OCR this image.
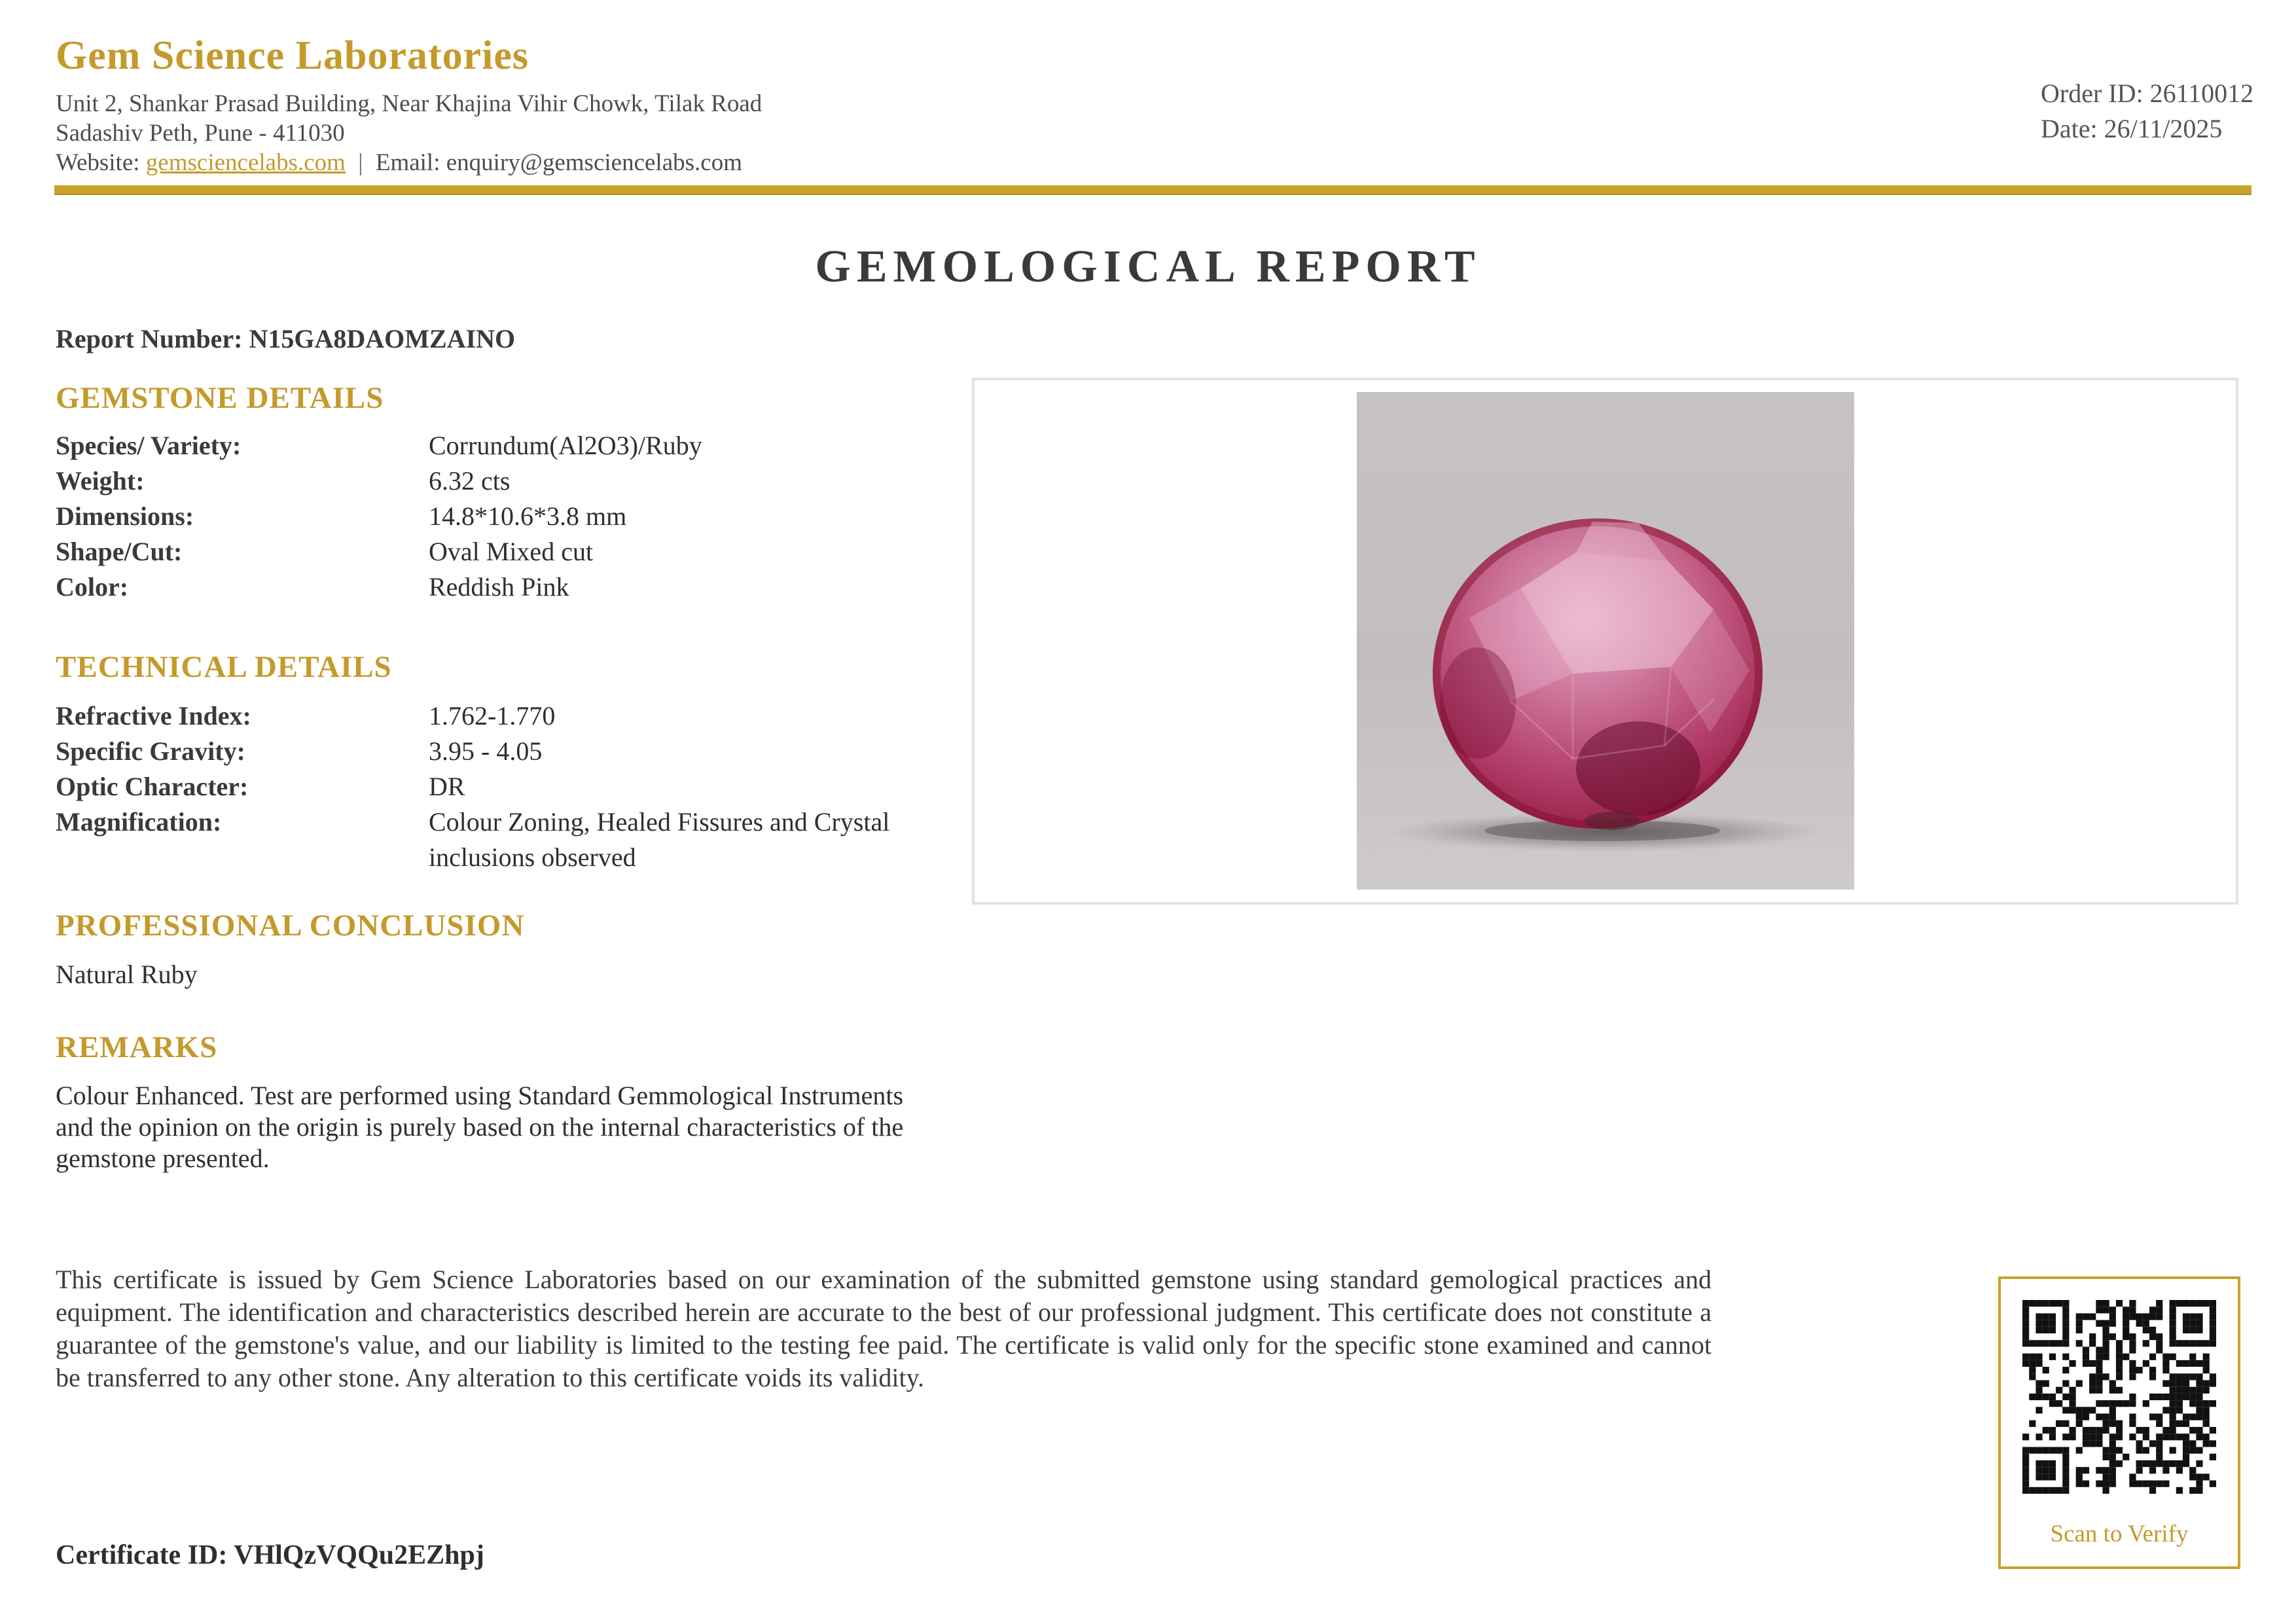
Gem Science Laboratories
Unit 2, Shankar Prasad Building, Near Khajina Vihir Chowk, Tilak Road
Sadashiv Peth, Pune - 411030
Website: gemsciencelabs.com | Email: enquiry@gemsciencelabs.com
Order ID: 26110012
Date: 26/11/2025
GEMOLOGICAL REPORT
Report Number: N15GA8DAOMZAINO
GEMSTONE DETAILS
Species/ Variety:	Corrundum(Al2O3)/Ruby
Weight:	6.32 cts
Dimensions:	14.8*10.6*3.8 mm
Shape/Cut:	Oval Mixed cut
Color:	Reddish Pink
TECHNICAL DETAILS
Refractive Index:	1.762-1.770
Specific Gravity:	3.95 - 4.05
Optic Character:	DR
Magnification:	Colour Zoning, Healed Fissures and Crystal inclusions observed
PROFESSIONAL CONCLUSION
Natural Ruby
REMARKS

Colour Enhanced. Test are performed using Standard Gemmological Instruments and the opinion on the origin is purely based on the internal characteristics of the gemstone presented.

This certificate is issued by Gem Science Laboratories based on our examination of the submitted gemstone using standard gemological practices and equipment. The identification and characteristics described herein are accurate to the best of our professional judgment. This certificate does not constitute a guarantee of the gemstone's value, and our liability is limited to the testing fee paid. The certificate is valid only for the specific stone examined and cannot be transferred to any other stone. Any alteration to this certificate voids its validity.

Scan to Verify
Certificate ID: VHlQzVQQu2EZhpj
